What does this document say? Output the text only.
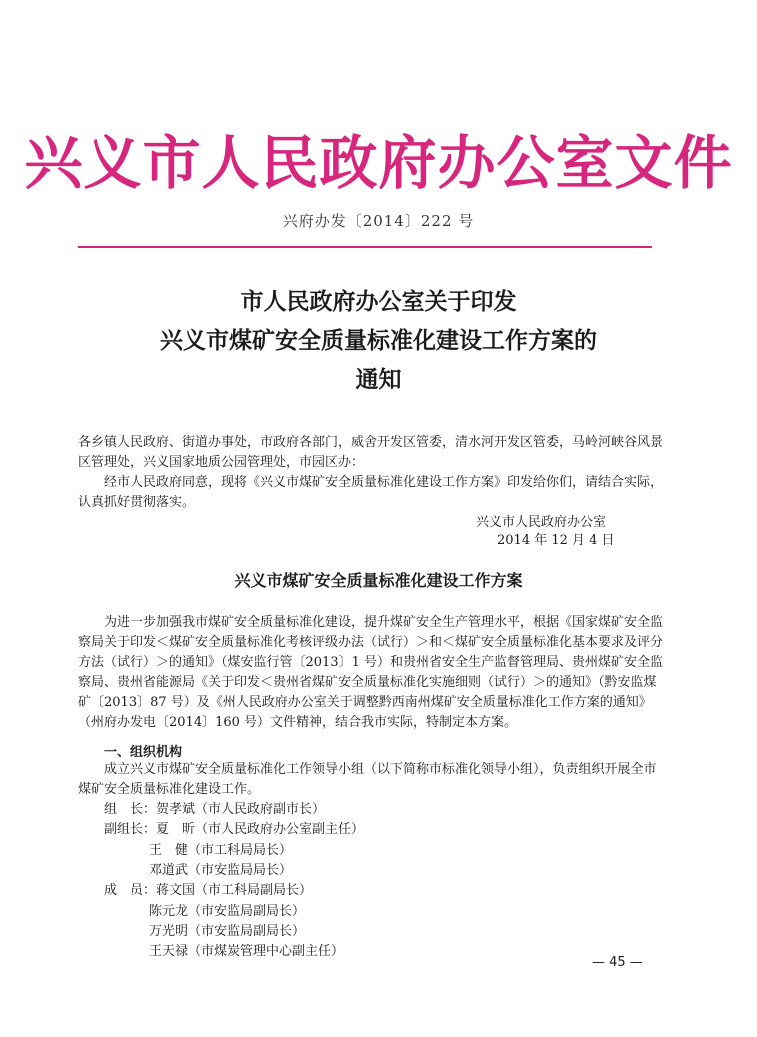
兴义市人民政府办公室文件
兴府办发〔2014〕222 号
市人民政府办公室关于印发
兴义市煤矿安全质量标准化建设工作方案的
通知
各乡镇人民政府、街道办事处，市政府各部门，威舍开发区管委，清水河开发区管委，马岭河峡谷风景区管理处，兴义国家地质公园管理处，市园区办：
经市人民政府同意，现将《兴义市煤矿安全质量标准化建设工作方案》印发给你们，请结合实际，认真抓好贯彻落实。
兴义市人民政府办公室
2014 年 12 月 4 日
兴义市煤矿安全质量标准化建设工作方案
为进一步加强我市煤矿安全质量标准化建设，提升煤矿安全生产管理水平，根据《国家煤矿安全监察局关于印发＜煤矿安全质量标准化考核评级办法（试行）＞和＜煤矿安全质量标准化基本要求及评分方法（试行）＞的通知》（煤安监行管〔2013〕1 号）和贵州省安全生产监督管理局、贵州煤矿安全监察局、贵州省能源局《关于印发＜贵州省煤矿安全质量标准化实施细则（试行）＞的通知》（黔安监煤矿〔2013〕87 号）及《州人民政府办公室关于调整黔西南州煤矿安全质量标准化工作方案的通知》（州府办发电〔2014〕160 号）文件精神，结合我市实际，特制定本方案。
一、组织机构
成立兴义市煤矿安全质量标准化工作领导小组（以下简称市标准化领导小组），负责组织开展全市煤矿安全质量标准化建设工作。
组　长：贺孝斌（市人民政府副市长）
副组长：夏　昕（市人民政府办公室副主任）
王　健（市工科局局长）
邓道武（市安监局局长）
成　员：蒋文国（市工科局副局长）
陈元龙（市安监局副局长）
万光明（市安监局副局长）
王天禄（市煤炭管理中心副主任）
— 45 —
